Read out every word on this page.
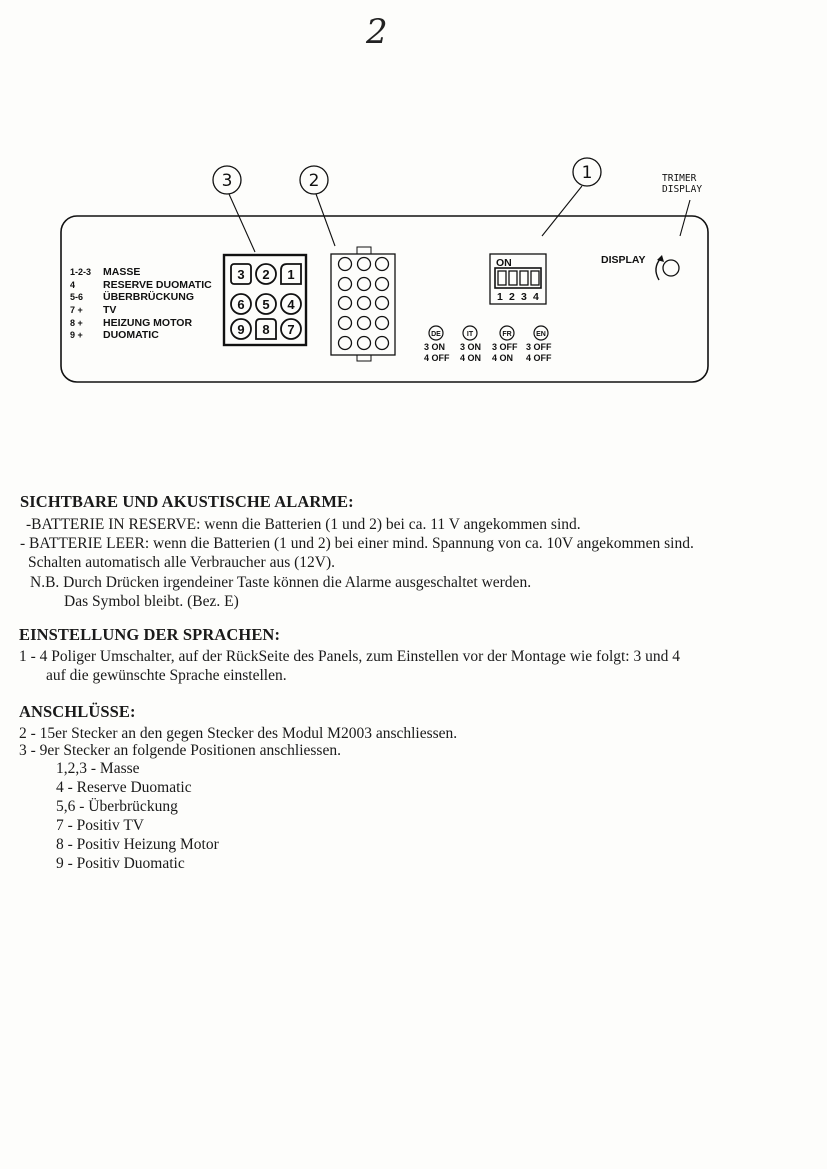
2
3	2	1	TRIMER
DISPLAY
1-2-3 MASSE
4	RESERVE DUOMATIC
5-6 ÜBERBRÜCKUNG
7 + TV
8 + HEIZUNG MOTOR
9 + DUOMATIC
3 2 1
6 5 4
9 8 7
ON
1 2 3 4
DE
3 ON
4 OFF
IT
3 ON
4 ON
FR
3 OFF
4 ON
EN
3 OFF
4 OFF
DISPLAY
SICHTBARE UND AKUSTISCHE ALARME:
-BATTERIE IN RESERVE: wenn die Batterien (1 und 2) bei ca. 11 V angekommen sind.
- BATTERIE LEER: wenn die Batterien (1 und 2) bei einer mind. Spannung von ca. 10V angekommen sind.
Schalten automatisch alle Verbraucher aus (12V).
N.B. Durch Drücken irgendeiner Taste können die Alarme ausgeschaltet werden.
Das Symbol bleibt. (Bez. E)
EINSTELLUNG DER SPRACHEN:
1 - 4 Poliger Umschalter, auf der RückSeite des Panels, zum Einstellen vor der Montage wie folgt: 3 und 4
auf die gewünschte Sprache einstellen.
ANSCHLÜSSE:
2 - 15er Stecker an den gegen Stecker des Modul M2003 anschliessen.
3 - 9er Stecker an folgende Positionen anschliessen.
1,2,3 - Masse
4 - Reserve Duomatic
5,6 - Überbrückung
7 - Positiv TV
8 - Positiv Heizung Motor
9 - Positiv Duomatic
